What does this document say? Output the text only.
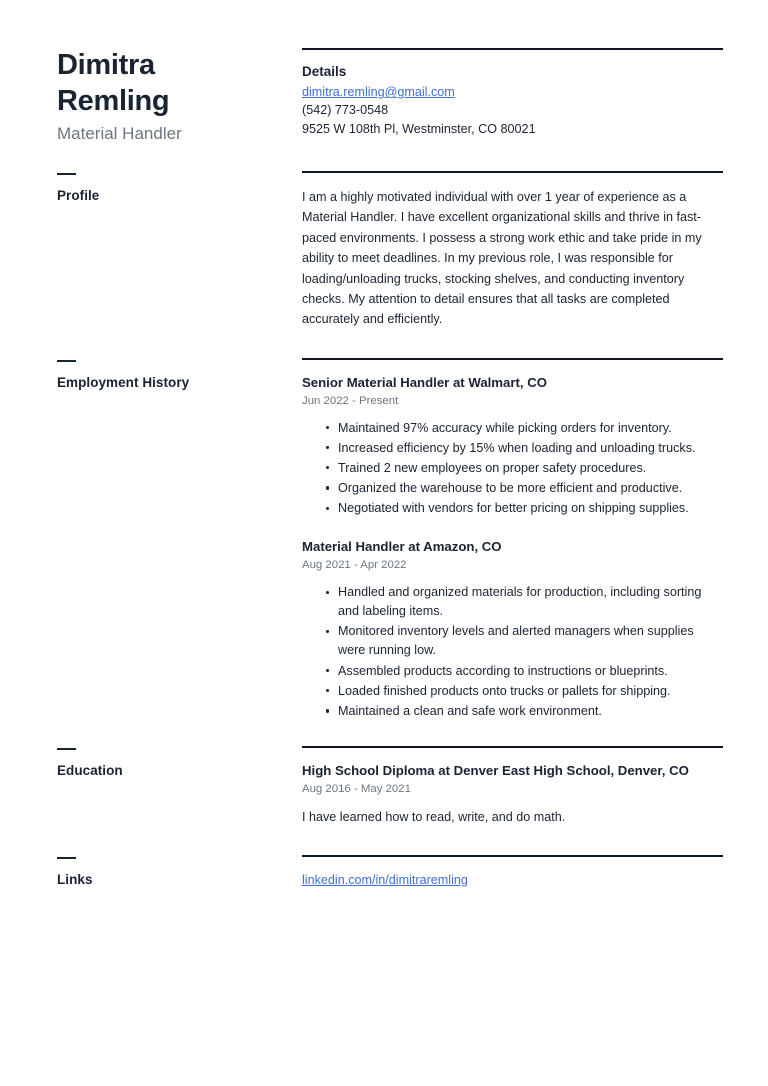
Dimitra
Remling
Material Handler
Details
dimitra.remling@gmail.com
(542) 773-0548
9525 W 108th Pl, Westminster, CO 80021
Profile	I am a highly motivated individual with over 1 year of experience as a Material Handler. I have excellent organizational skills and thrive in fast-paced environments. I possess a strong work ethic and take pride in my ability to meet deadlines. In my previous role, I was responsible for loading/unloading trucks, stocking shelves, and conducting inventory checks. My attention to detail ensures that all tasks are completed accurately and efficiently.
Employment History	Senior Material Handler at Walmart, CO
Jun 2022 - Present
Maintained 97% accuracy while picking orders for inventory.
Increased efficiency by 15% when loading and unloading trucks.
Trained 2 new employees on proper safety procedures.
Organized the warehouse to be more efficient and productive.
Negotiated with vendors for better pricing on shipping supplies.
Material Handler at Amazon, CO
Aug 2021 - Apr 2022
Handled and organized materials for production, including sorting and labeling items.
Monitored inventory levels and alerted managers when supplies were running low.
Assembled products according to instructions or blueprints.
Loaded finished products onto trucks or pallets for shipping.
Maintained a clean and safe work environment.
Education	High School Diploma at Denver East High School, Denver, CO
Aug 2016 - May 2021
I have learned how to read, write, and do math.
Links	linkedin.com/in/dimitraremling
